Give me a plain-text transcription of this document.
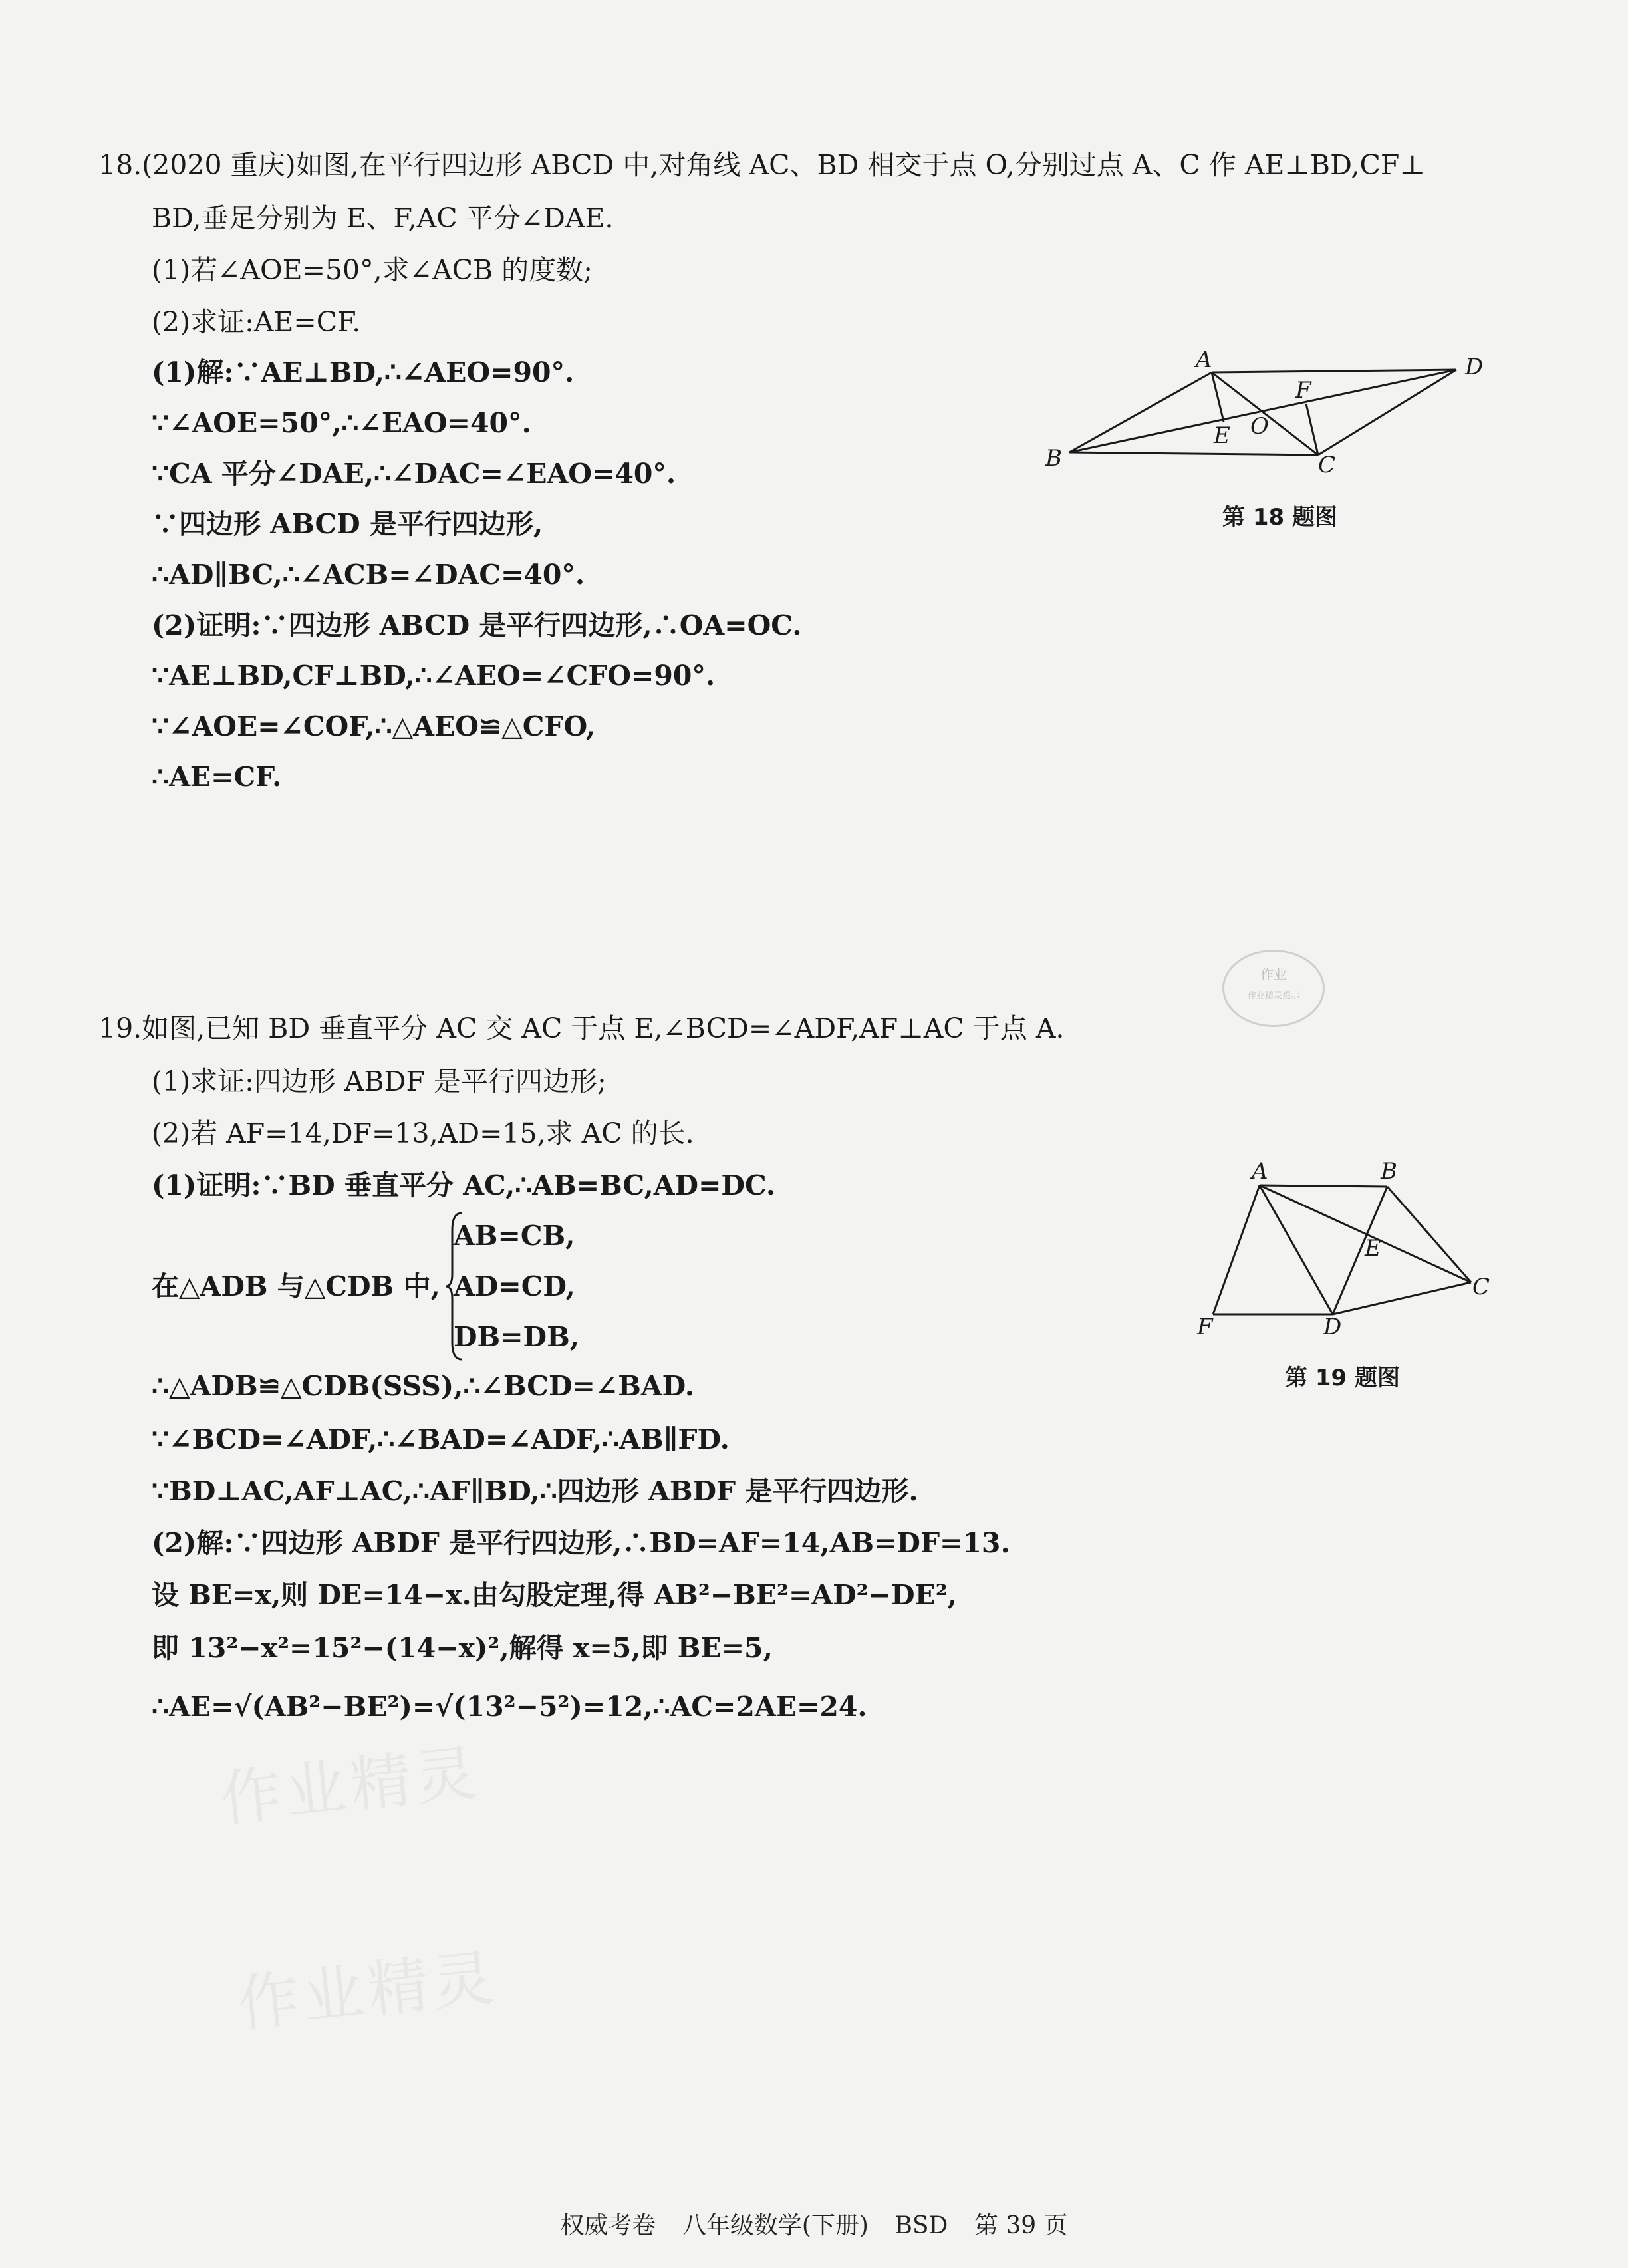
18.(2020 重庆)如图,在平行四边形 ABCD 中,对角线 AC、BD 相交于点 O,分别过点 A、C 作 AE⊥BD,CF⊥
BD,垂足分别为 E、F,AC 平分∠DAE.
(1)若∠AOE=50°,求∠ACB 的度数;
(2)求证:AE=CF.
(1)解:∵AE⊥BD,∴∠AEO=90°.
∵∠AOE=50°,∴∠EAO=40°.
∵CA 平分∠DAE,∴∠DAC=∠EAO=40°.
∵四边形 ABCD 是平行四边形,
∴AD∥BC,∴∠ACB=∠DAC=40°.
(2)证明:∵四边形 ABCD 是平行四边形,∴OA=OC.
∵AE⊥BD,CF⊥BD,∴∠AEO=∠CFO=90°.
∵∠AOE=∠COF,∴△AEO≌△CFO,
∴AE=CF.
A	D
F
E O
B	C
第 18 题图
作业
作业精灵提示
19.如图,已知 BD 垂直平分 AC 交 AC 于点 E,∠BCD=∠ADF,AF⊥AC 于点 A.
(1)求证:四边形 ABDF 是平行四边形;
(2)若 AF=14,DF=13,AD=15,求 AC 的长.
(1)证明:∵BD 垂直平分 AC,∴AB=BC,AD=DC.
在△ADB 与△CDB 中,
AB=CB,
AD=CD,
DB=DB,
∴△ADB≌△CDB(SSS),∴∠BCD=∠BAD.
∵∠BCD=∠ADF,∴∠BAD=∠ADF,∴AB∥FD.
∵BD⊥AC,AF⊥AC,∴AF∥BD,∴四边形 ABDF 是平行四边形.
(2)解:∵四边形 ABDF 是平行四边形,∴BD=AF=14,AB=DF=13.
设 BE=x,则 DE=14−x.由勾股定理,得 AB²−BE²=AD²−DE²,
即 13²−x²=15²−(14−x)²,解得 x=5,即 BE=5,
∴AE=√(AB²−BE²)=√(13²−5²)=12,∴AC=2AE=24.
A	B
E
C
F	D
第 19 题图
作业精灵
作业精灵
权威考卷 八年级数学(下册) BSD 第 39 页
